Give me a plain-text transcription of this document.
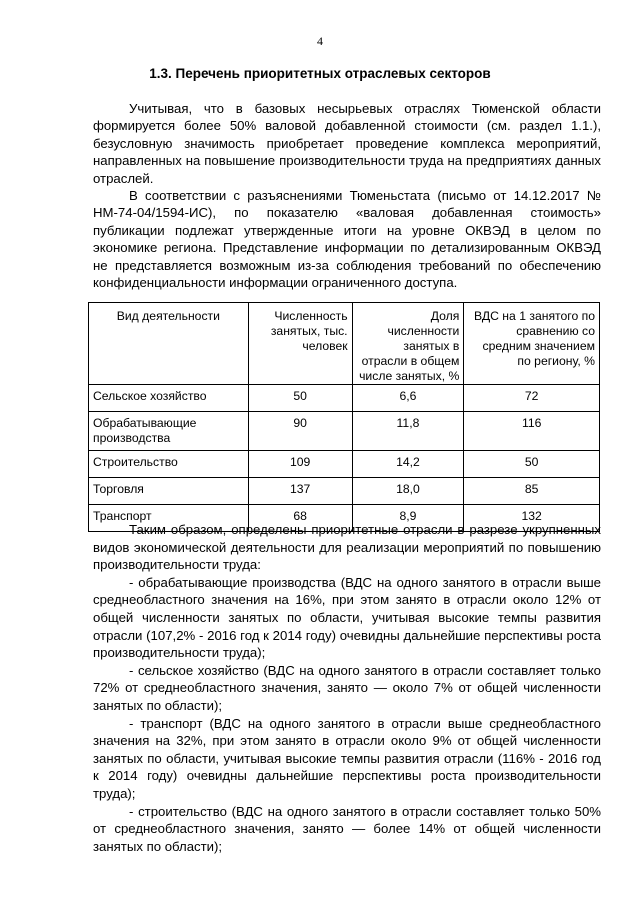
4
1.3. Перечень приоритетных отраслевых секторов

Учитывая, что в базовых несырьевых отраслях Тюменской области формируется более 50% валовой добавленной стоимости (см. раздел 1.1.), безусловную значимость приобретает проведение комплекса мероприятий, направленных на повышение производительности труда на предприятиях данных отраслей.

В соответствии с разъяснениями Тюменьстата (письмо от 14.12.2017 № НМ-74-04/1594-ИС), по показателю «валовая добавленная стоимость» публикации подлежат утвержденные итоги на уровне ОКВЭД в целом по экономике региона. Представление информации по детализированным ОКВЭД не представляется возможным из-за соблюдения требований по обеспечению конфиденциальности информации ограниченного доступа.

Вид деятельности	Численность занятых, тыс. человек	Доля численности занятых в отрасли в общем числе занятых, %	ВДС на 1 занятого по сравнению со средним значением по региону, %
Сельское хозяйство	50	6,6	72
Обрабатывающие производства	90	11,8	116
Строительство	109	14,2	50
Торговля	137	18,0	85
Транспорт	68	8,9	132

Таким образом, определены приоритетные отрасли в разрезе укрупненных видов экономической деятельности для реализации мероприятий по повышению производительности труда:

- обрабатывающие производства (ВДС на одного занятого в отрасли выше среднеобластного значения на 16%, при этом занято в отрасли около 12% от общей численности занятых по области, учитывая высокие темпы развития отрасли (107,2% - 2016 год к 2014 году) очевидны дальнейшие перспективы роста производительности труда);

- сельское хозяйство (ВДС на одного занятого в отрасли составляет только 72% от среднеобластного значения, занято — около 7% от общей численности занятых по области);

- транспорт (ВДС на одного занятого в отрасли выше среднеобластного значения на 32%, при этом занято в отрасли около 9% от общей численности занятых по области, учитывая высокие темпы развития отрасли (116% - 2016 год к 2014 году) очевидны дальнейшие перспективы роста производительности труда);

- строительство (ВДС на одного занятого в отрасли составляет только 50% от среднеобластного значения, занято — более 14% от общей численности занятых по области);
